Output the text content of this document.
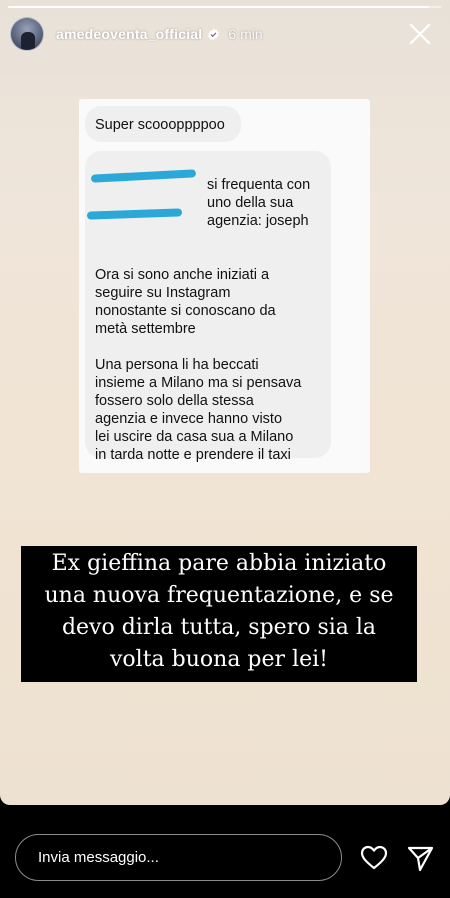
amedeoventa_official 6 min
Super scoooppppoo

si frequenta con
uno della sua agenzia: joseph

Ora si sono anche iniziati a
seguire su Instagram
nonostante si conoscano da
metà settembre

Una persona li ha beccati
insieme a Milano ma si pensava
fossero solo della stessa
agenzia e invece hanno visto
lei uscire da casa sua a Milano
in tarda notte e prendere il taxi

Ex gieffina pare abbia iniziato
una nuova frequentazione, e se
devo dirla tutta, spero sia la
volta buona per lei!
Invia messaggio...
